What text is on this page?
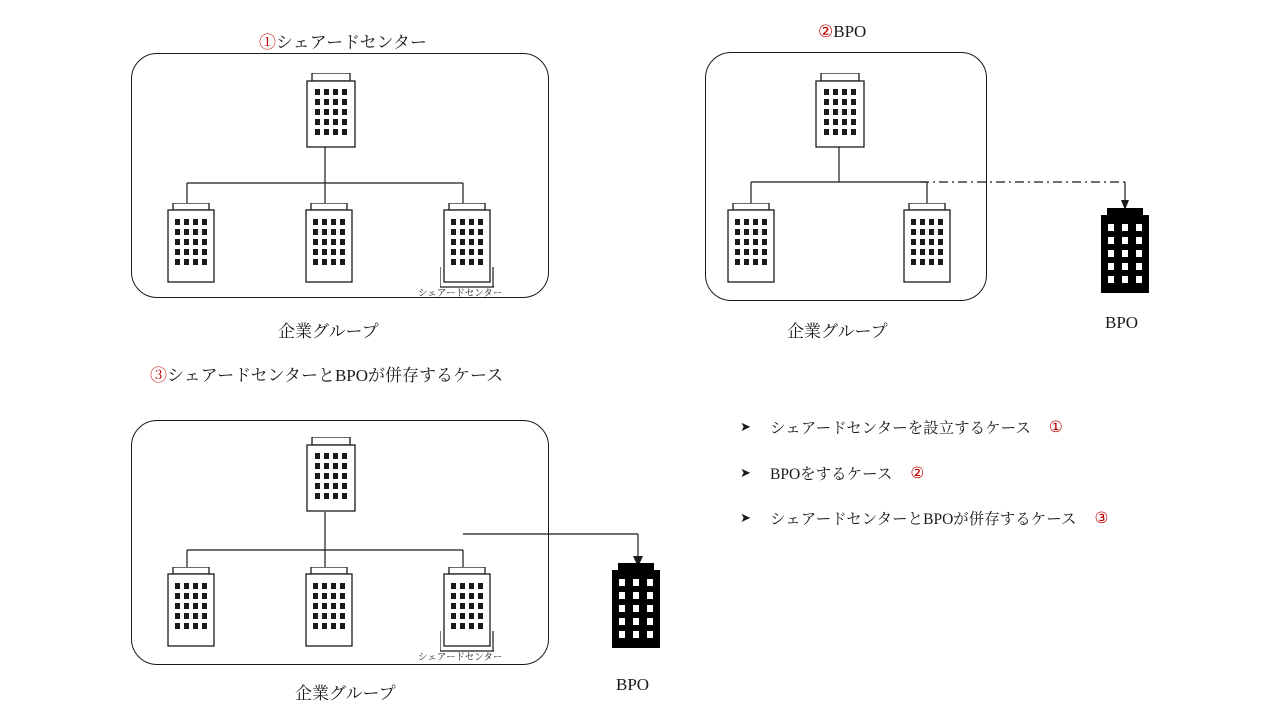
①シェアードセンター
シェアードセンター
企業グループ
②BPO
BPO
企業グループ
③シェアードセンターとBPOが併存するケース
シェアードセンター
企業グループ	BPO
➤	シェアードセンターを設立するケース ①
➤	BPOをするケース ②
➤	シェアードセンターとBPOが併存するケース ③
